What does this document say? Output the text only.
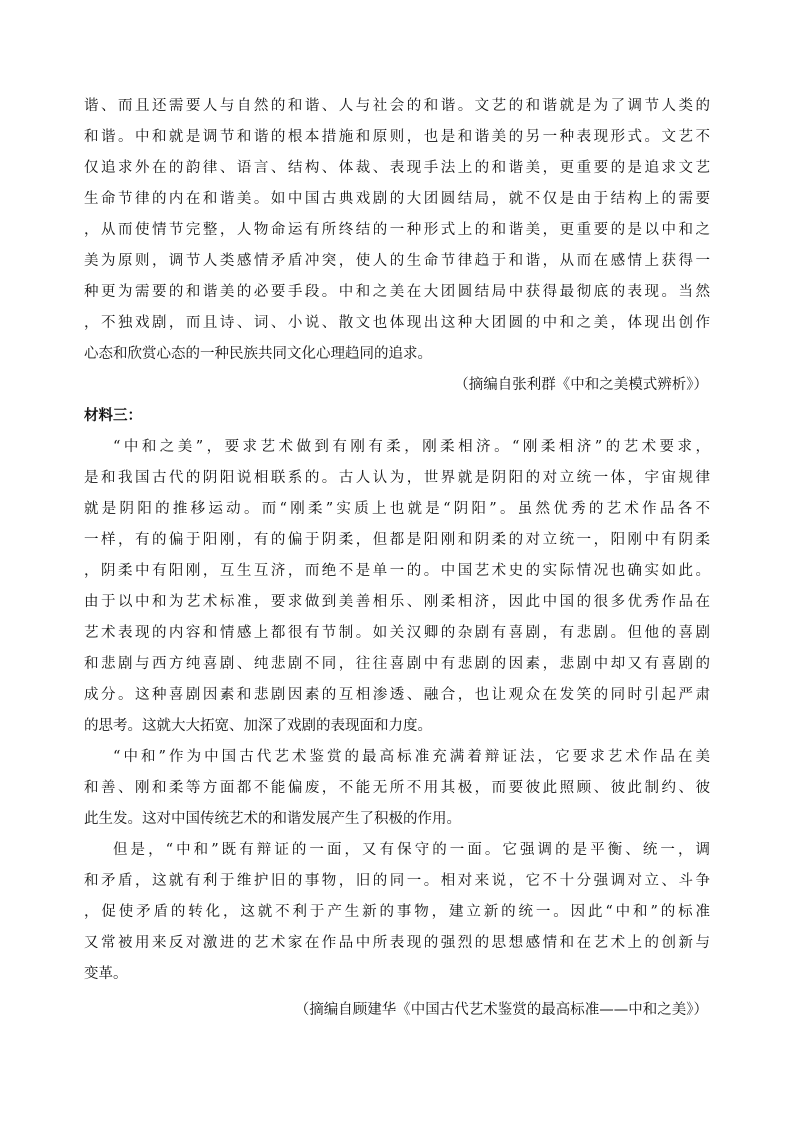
谐、而且还需要人与自然的和谐、人与社会的和谐。文艺的和谐就是为了调节人类的
和谐。中和就是调节和谐的根本措施和原则，也是和谐美的另一种表现形式。文艺不
仅追求外在的韵律、语言、结构、体裁、表现手法上的和谐美，更重要的是追求文艺
生命节律的内在和谐美。如中国古典戏剧的大团圆结局，就不仅是由于结构上的需要
，从而使情节完整，人物命运有所终结的一种形式上的和谐美，更重要的是以中和之
美为原则，调节人类感情矛盾冲突，使人的生命节律趋于和谐，从而在感情上获得一
种更为需要的和谐美的必要手段。中和之美在大团圆结局中获得最彻底的表现。当然
，不独戏剧，而且诗、词、小说、散文也体现出这种大团圆的中和之美，体现出创作
心态和欣赏心态的一种民族共同文化心理趋同的追求。
（摘编自张利群《中和之美模式辨析》）
材料三：
“中和之美”，要求艺术做到有刚有柔，刚柔相济。“刚柔相济”的艺术要求，
是和我国古代的阴阳说相联系的。古人认为，世界就是阴阳的对立统一体，宇宙规律
就是阴阳的推移运动。而“刚柔”实质上也就是“阴阳”。虽然优秀的艺术作品各不
一样，有的偏于阳刚，有的偏于阴柔，但都是阳刚和阴柔的对立统一，阳刚中有阴柔
，阴柔中有阳刚，互生互济，而绝不是单一的。中国艺术史的实际情况也确实如此。
由于以中和为艺术标准，要求做到美善相乐、刚柔相济，因此中国的很多优秀作品在
艺术表现的内容和情感上都很有节制。如关汉卿的杂剧有喜剧，有悲剧。但他的喜剧
和悲剧与西方纯喜剧、纯悲剧不同，往往喜剧中有悲剧的因素，悲剧中却又有喜剧的
成分。这种喜剧因素和悲剧因素的互相渗透、融合，也让观众在发笑的同时引起严肃
的思考。这就大大拓宽、加深了戏剧的表现面和力度。
“中和”作为中国古代艺术鉴赏的最高标准充满着辩证法，它要求艺术作品在美
和善、刚和柔等方面都不能偏废，不能无所不用其极，而要彼此照顾、彼此制约、彼
此生发。这对中国传统艺术的和谐发展产生了积极的作用。
但是，“中和”既有辩证的一面，又有保守的一面。它强调的是平衡、统一，调
和矛盾，这就有利于维护旧的事物，旧的同一。相对来说，它不十分强调对立、斗争
，促使矛盾的转化，这就不利于产生新的事物，建立新的统一。因此“中和”的标准
又常被用来反对激进的艺术家在作品中所表现的强烈的思想感情和在艺术上的创新与
变革。
（摘编自顾建华《中国古代艺术鉴赏的最高标准——中和之美》）
